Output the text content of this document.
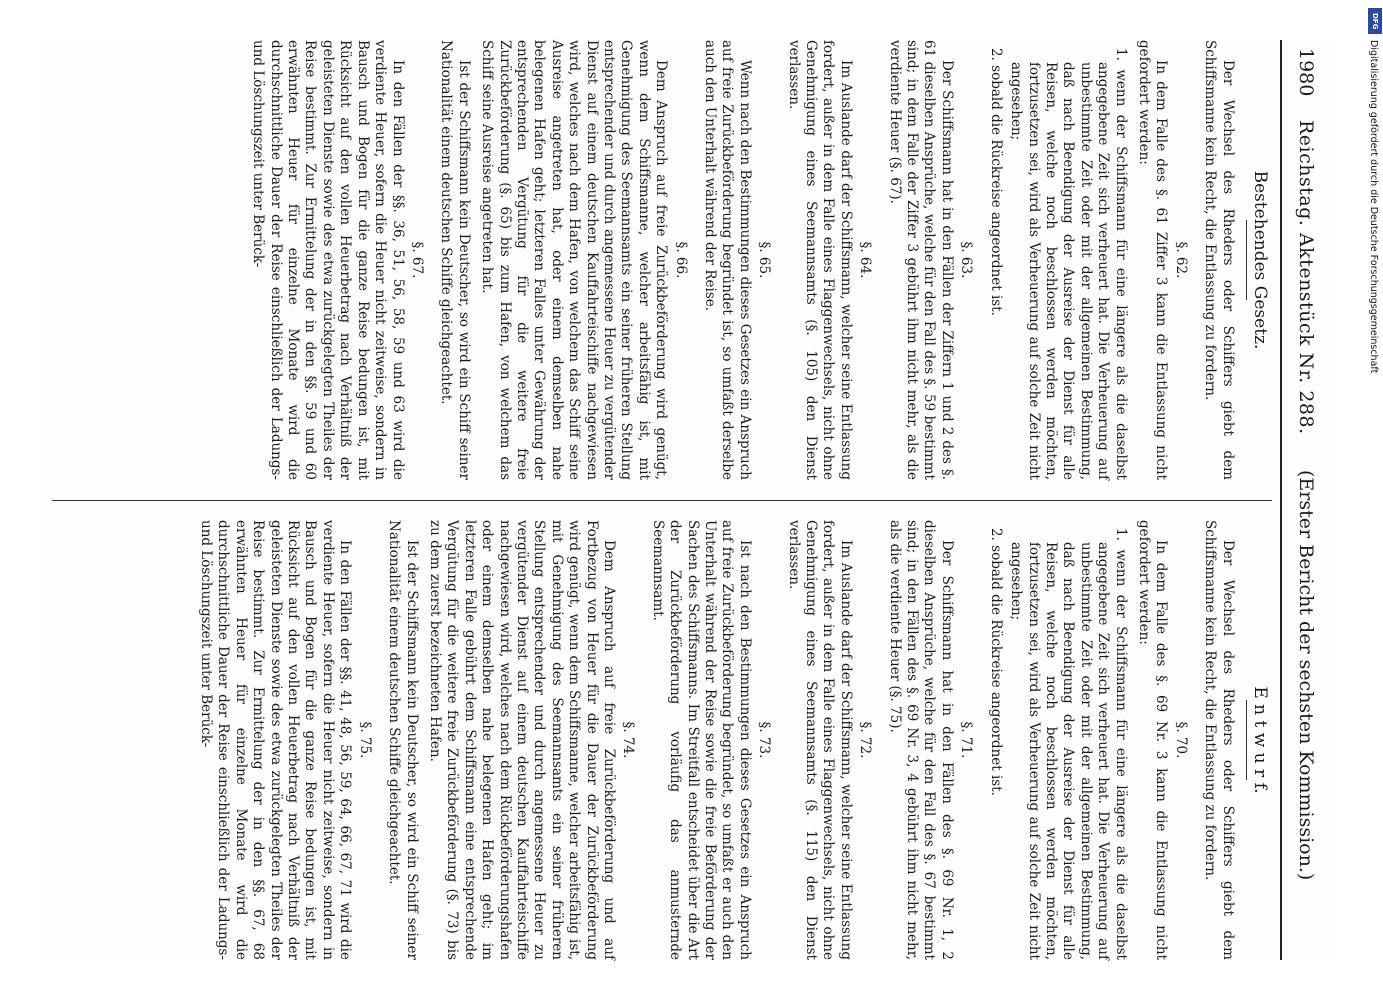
1980
Reichstag. Aktenstück Nr. 288.
(Erster Bericht der sechsten Kommission.)
Bestehendes Gesetz.

Der Wechsel des Rheders oder Schiffers giebt dem Schiffsmanne kein Recht, die Entlassung zu fordern.

§. 62.

In dem Falle des §. 61 Ziffer 3 kann die Entlassung nicht gefordert werden:

1. wenn der Schiffsmann für eine längere als die daselbst angegebene Zeit sich verheuert hat. Die Verheuerung auf unbestimmte Zeit oder mit der allgemeinen Bestimmung, daß nach Beendigung der Ausreise der Dienst für alle Reisen, welche noch beschlossen werden möchten, fortzusetzen sei, wird als Verheuerung auf solche Zeit nicht angesehen;

2. sobald die Rückreise angeordnet ist.

§. 63.

Der Schiffsmann hat in den Fällen der Ziffern 1 und 2 des §. 61 dieselben Ansprüche, welche für den Fall des §. 59 bestimmt sind; in dem Falle der Ziffer 3 gebührt ihm nicht mehr, als die verdiente Heuer (§. 67).

§. 64.

Im Auslande darf der Schiffsmann, welcher seine Entlassung fordert, außer in dem Falle eines Flaggenwechsels, nicht ohne Genehmigung eines Seemannsamts (§. 105) den Dienst verlassen.

§. 65.

Wenn nach den Bestimmungen dieses Gesetzes ein Anspruch auf freie Zurückbeförderung begründet ist, so umfaßt derselbe auch den Unterhalt während der Reise.

§. 66.

Dem Anspruch auf freie Zurückbeförderung wird genügt, wenn dem Schiffsmanne, welcher arbeitsfähig ist, mit Genehmigung des Seemannsamts ein seiner früheren Stellung entsprechender und durch angemessene Heuer zu vergütender Dienst auf einem deutschen Kauffahrteischiffe nachgewiesen wird, welches nach dem Hafen, von welchem das Schiff seine Ausreise angetreten hat, oder einem demselben nahe belegenen Hafen geht; letzteren Falles unter Gewährung der entsprechenden Vergütung für die weitere freie Zurückbeförderung (§. 65) bis zum Hafen, von welchem das Schiff seine Ausreise angetreten hat.

Ist der Schiffsmann kein Deutscher, so wird ein Schiff seiner Nationalität einem deutschen Schiffe gleichgeachtet.

§. 67.

In den Fällen der §§. 36, 51, 56, 58, 59 und 63 wird die verdiente Heuer, sofern die Heuer nicht zeitweise, sondern in Bausch und Bogen für die ganze Reise bedungen ist, mit Rücksicht auf den vollen Heuerbetrag nach Verhältniß der geleisteten Dienste sowie des etwa zurückgelegten Theiles der Reise bestimmt. Zur Ermittelung der in den §§. 59 und 60 erwähnten Heuer für einzelne Monate wird die durchschnittliche Dauer der Reise einschließlich der Ladungs- und Löschungszeit unter Berück-

E n t w u r f.

Der Wechsel des Rheders oder Schiffers giebt dem Schiffsmanne kein Recht, die Entlassung zu fordern.

§. 70.

In dem Falle des §. 69 Nr. 3 kann die Entlassung nicht gefordert werden:

1. wenn der Schiffsmann für eine längere als die daselbst angegebene Zeit sich verheuert hat. Die Verheuerung auf unbestimmte Zeit oder mit der allgemeinen Bestimmung, daß nach Beendigung der Ausreise der Dienst für alle Reisen, welche noch beschlossen werden möchten, fortzusetzen sei, wird als Verheuerung auf solche Zeit nicht angesehen;

2. sobald die Rückreise angeordnet ist.

§. 71.

Der Schiffsmann hat in den Fällen des §. 69 Nr. 1, 2 dieselben Ansprüche, welche für den Fall des §. 67 bestimmt sind; in den Fällen des §. 69 Nr. 3, 4 gebührt ihm nicht mehr, als die verdiente Heuer (§. 75).

§. 72.

Im Auslande darf der Schiffsmann, welcher seine Entlassung fordert, außer in dem Falle eines Flaggenwechsels, nicht ohne Genehmigung eines Seemannsamts (§. 115) den Dienst verlassen.

§. 73.

Ist nach den Bestimmungen dieses Gesetzes ein Anspruch auf freie Zurückbeförderung begründet, so umfaßt er auch den Unterhalt während der Reise sowie die freie Beförderung der Sachen des Schiffsmanns. Im Streitfall entscheidet über die Art der Zurückbeförderung vorläufig das anmusternde Seemannsamt.

§. 74.

Dem Anspruch auf freie Zurückbeförderung und auf Fortbezug von Heuer für die Dauer der Zurückbeförderung wird genügt, wenn dem Schiffsmanne, welcher arbeitsfähig ist, mit Genehmigung des Seemannsamts ein seiner früheren Stellung entsprechender und durch angemessene Heuer zu vergütender Dienst auf einem deutschen Kauffahrteischiffe nachgewiesen wird, welches nach dem Rückbeförderungshafen oder einem demselben nahe belegenen Hafen geht; im letzteren Falle gebührt dem Schiffsmann eine entsprechende Vergütung für die weitere freie Zurückbeförderung (§. 73) bis zu dem zuerst bezeichneten Hafen.

Ist der Schiffsmann kein Deutscher, so wird ein Schiff seiner Nationalität einem deutschen Schiffe gleichgeachtet.

§. 75.

In den Fällen der §§. 41, 48, 56, 59, 64, 66, 67, 71 wird die verdiente Heuer, sofern die Heuer nicht zeitweise, sondern in Bausch und Bogen für die ganze Reise bedungen ist, mit Rücksicht auf den vollen Heuerbetrag nach Verhältniß der geleisteten Dienste sowie des etwa zurückgelegten Theiles der Reise bestimmt. Zur Ermittelung der in den §§. 67, 68 erwähnten Heuer für einzelne Monate wird die durchschnittliche Dauer der Reise einschließlich der Ladungs- und Löschungszeit unter Berück-

DFG
Digitalisierung gefördert durch die Deutsche Forschungsgemeinschaft
